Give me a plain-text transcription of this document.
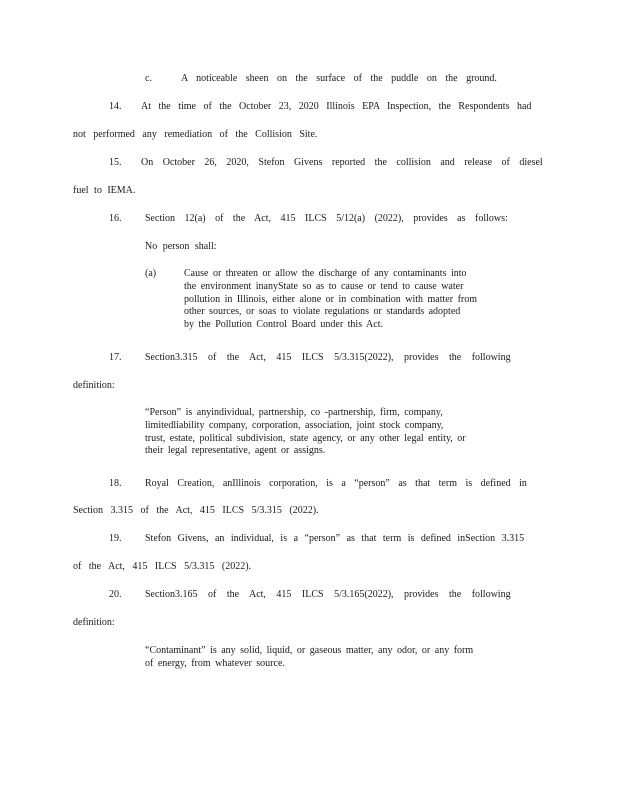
c.	A noticeable sheen on the surface of the puddle on the ground.
14. At the time of the October 23, 2020 Illinois EPA Inspection, the Respondents had
not performed any remediation of the Collision Site.
15. On October 26, 2020, Stefon Givens reported the collision and release of diesel
fuel to IEMA.
16. Section 12(a) of the Act, 415 ILCS 5/12(a) (2022), provides as follows:
No person shall:
(a)	Cause or threaten or allow the discharge of any contaminants into
the environment inanyState so as to cause or tend to cause water
pollution in Illinois, either alone or in combination with matter from
other sources, or soas to violate regulations or standards adopted
by the Pollution Control Board under this Act.
17. Section3.315 of the Act, 415 ILCS 5/3.315(2022), provides the following
definition:
“Person” is anyindividual, partnership, co -partnership, firm, company,
limitedliability company, corporation, association, joint stock company,
trust, estate, political subdivision, state agency, or any other legal entity, or
their legal representative, agent or assigns.
18. Royal Creation, anIllinois corporation, is a “person” as that term is defined in
Section 3.315 of the Act, 415 ILCS 5/3.315 (2022).
19. Stefon Givens, an individual, is a “person” as that term is defined inSection 3.315
of the Act, 415 ILCS 5/3.315 (2022).
20. Section3.165 of the Act, 415 ILCS 5/3.165(2022), provides the following
definition:
“Contaminant” is any solid, liquid, or gaseous matter, any odor, or any form
of energy, from whatever source.
